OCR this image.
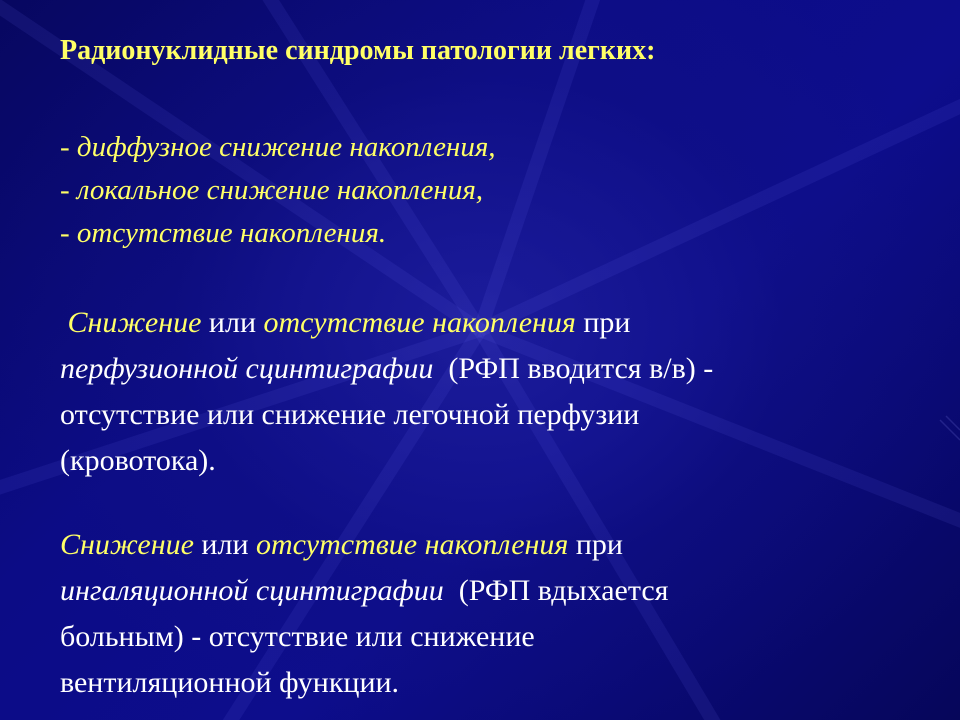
Радионуклидные синдромы патологии легких:
- диффузное снижение накопления,
- локальное снижение накопления,
- отсутствие накопления.

Снижение или отсутствие накопления при
перфузионной сцинтиграфии  (РФП вводится в/в) -
отсутствие или снижение легочной перфузии
(кровотока).

Снижение или отсутствие накопления при
ингаляционной сцинтиграфии  (РФП вдыхается
больным) - отсутствие или снижение
вентиляционной функции.
